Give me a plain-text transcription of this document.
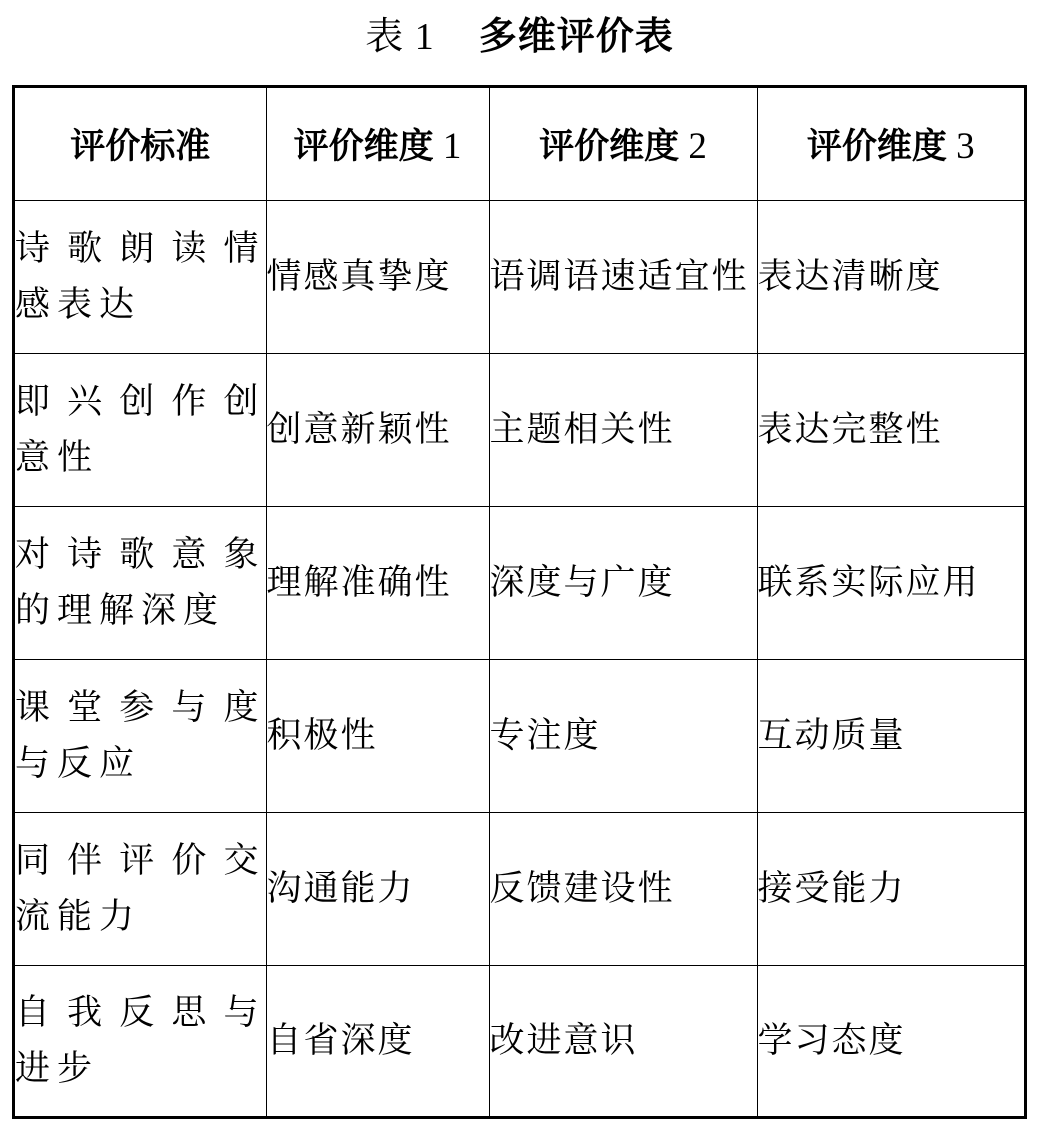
表 1 多维评价表
评价标准	评价维度 1	评价维度 2	评价维度 3

诗歌朗读情
感表达	情感真挚度	语调语速适宜性	表达清晰度

即兴创作创
意性	创意新颖性	主题相关性	表达完整性

对诗歌意象
的理解深度	理解准确性	深度与广度	联系实际应用

课堂参与度
与反应	积极性	专注度	互动质量

同伴评价交
流能力	沟通能力	反馈建设性	接受能力

自我反思与
进步	自省深度	改进意识	学习态度
